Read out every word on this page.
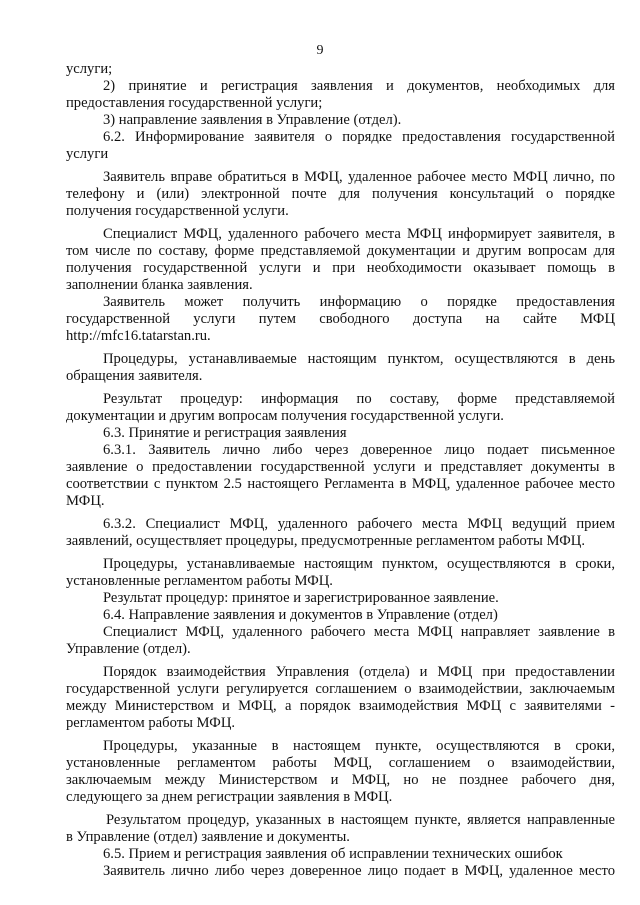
9
услуги;
2) принятие и регистрация заявления и документов, необходимых для
предоставления государственной услуги;
3) направление заявления в Управление (отдел).
6.2. Информирование заявителя о порядке предоставления государственной
услуги
Заявитель вправе обратиться в МФЦ, удаленное рабочее место МФЦ лично, по
телефону и (или) электронной почте для получения консультаций о порядке
получения государственной услуги.
Специалист МФЦ, удаленного рабочего места МФЦ информирует заявителя, в
том числе по составу, форме представляемой документации и другим вопросам для
получения государственной услуги и при необходимости оказывает помощь в
заполнении бланка заявления.
Заявитель может получить информацию о порядке предоставления
государственной услуги путем свободного доступа на сайте МФЦ
http://mfc16.tatarstan.ru.
Процедуры, устанавливаемые настоящим пунктом, осуществляются в день
обращения заявителя.
Результат процедур: информация по составу, форме представляемой
документации и другим вопросам получения государственной услуги.
6.3. Принятие и регистрация заявления
6.3.1. Заявитель лично либо через доверенное лицо подает письменное
заявление о предоставлении государственной услуги и представляет документы в
соответствии с пунктом 2.5 настоящего Регламента в МФЦ, удаленное рабочее место
МФЦ.
6.3.2. Специалист МФЦ, удаленного рабочего места МФЦ ведущий прием
заявлений, осуществляет процедуры, предусмотренные регламентом работы МФЦ.
Процедуры, устанавливаемые настоящим пунктом, осуществляются в сроки,
установленные регламентом работы МФЦ.
Результат процедур: принятое и зарегистрированное заявление.
6.4. Направление заявления и документов в Управление (отдел)
Специалист МФЦ, удаленного рабочего места МФЦ направляет заявление в
Управление (отдел).
Порядок взаимодействия Управления (отдела) и МФЦ при предоставлении
государственной услуги регулируется соглашением о взаимодействии, заключаемым
между Министерством и МФЦ, а порядок взаимодействия МФЦ с заявителями -
регламентом работы МФЦ.
Процедуры, указанные в настоящем пункте, осуществляются в сроки,
установленные регламентом работы МФЦ, соглашением о взаимодействии,
заключаемым между Министерством и МФЦ, но не позднее рабочего дня,
следующего за днем регистрации заявления в МФЦ.
Результатом процедур, указанных в настоящем пункте, является направленные
в Управление (отдел) заявление и документы.
6.5. Прием и регистрация заявления об исправлении технических ошибок
Заявитель лично либо через доверенное лицо подает в МФЦ, удаленное место
